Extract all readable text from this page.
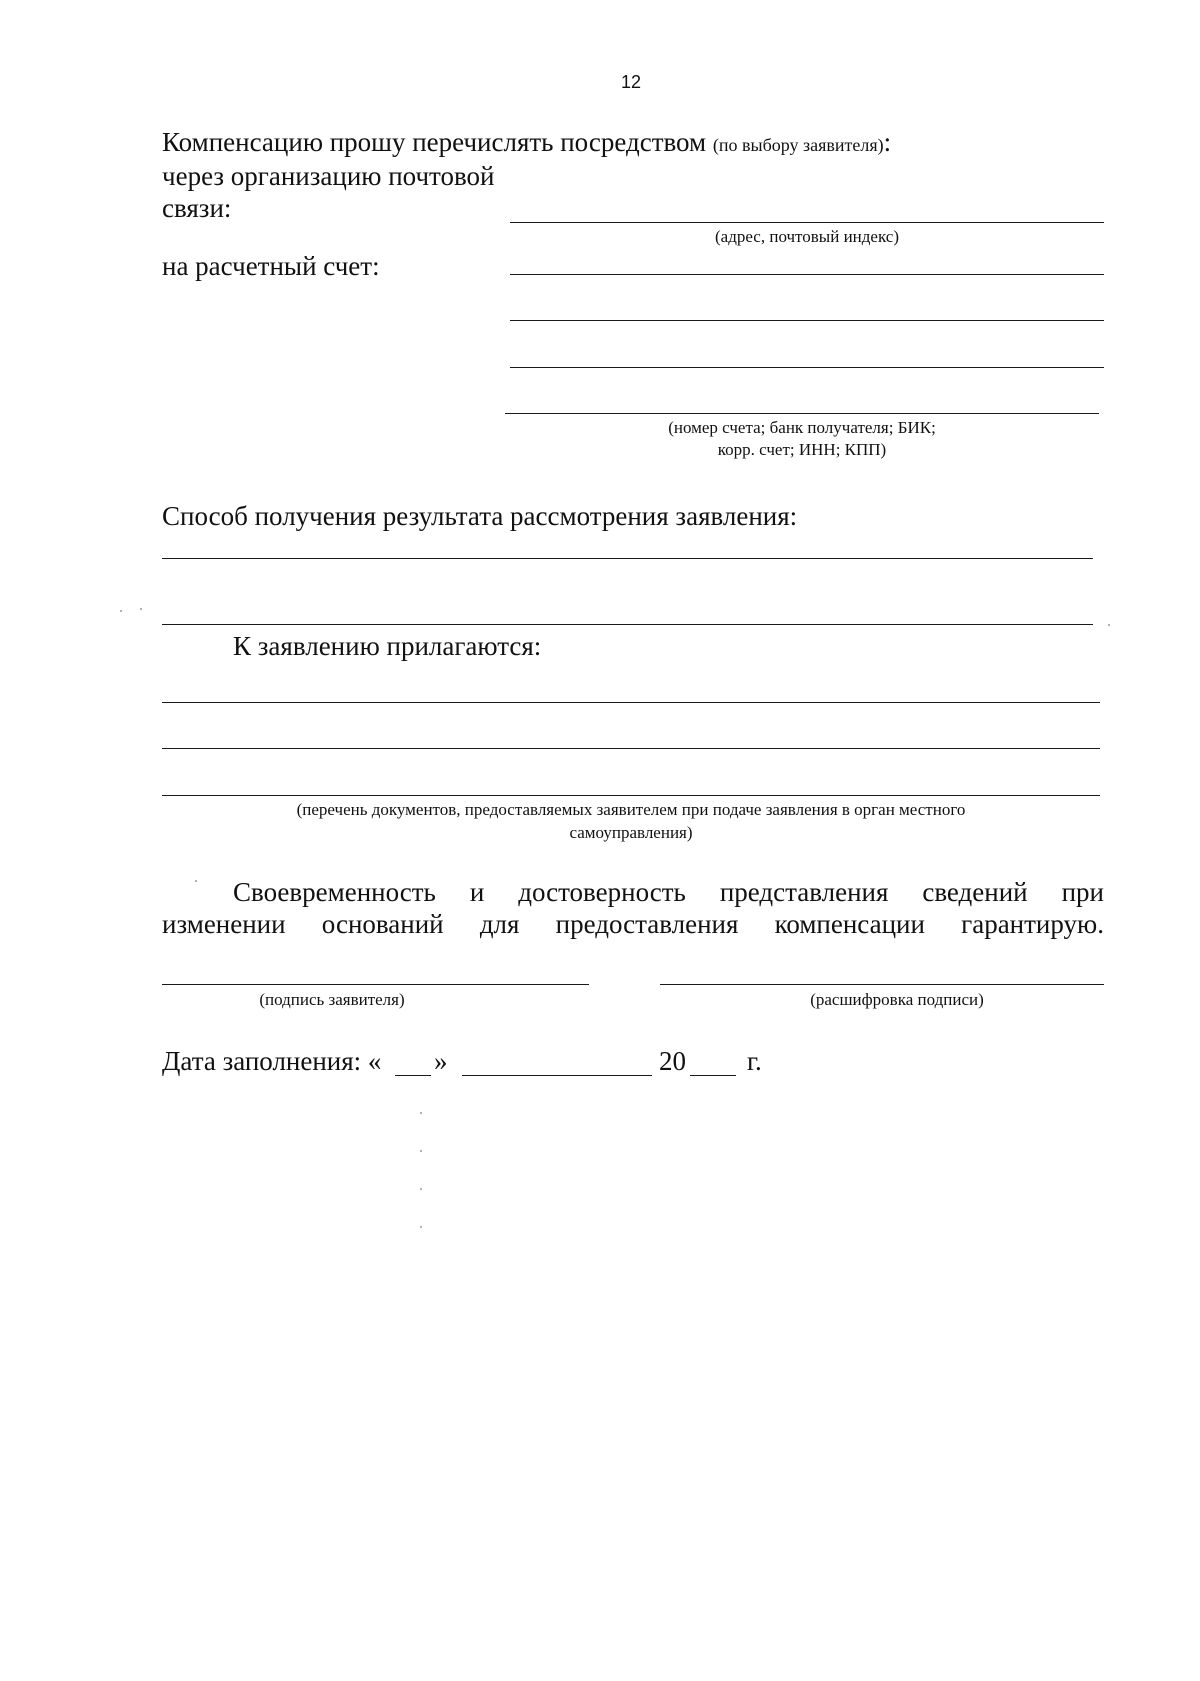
12
Компенсацию прошу перечислять посредством (по выбору заявителя):
через организацию почтовой
связи:
(адрес, почтовый индекс)
на расчетный счет:
(номер счета; банк получателя; БИК;
корр. счет; ИНН; КПП)
Способ получения результата рассмотрения заявления:
К заявлению прилагаются:
(перечень документов, предоставляемых заявителем при подаче заявления в орган местного
самоуправления)
Своевременность и достоверность представления сведений при
изменении оснований для предоставления компенсации гарантирую.
(подпись заявителя)	(расшифровка подписи)
Дата заполнения: « »	20 г.
